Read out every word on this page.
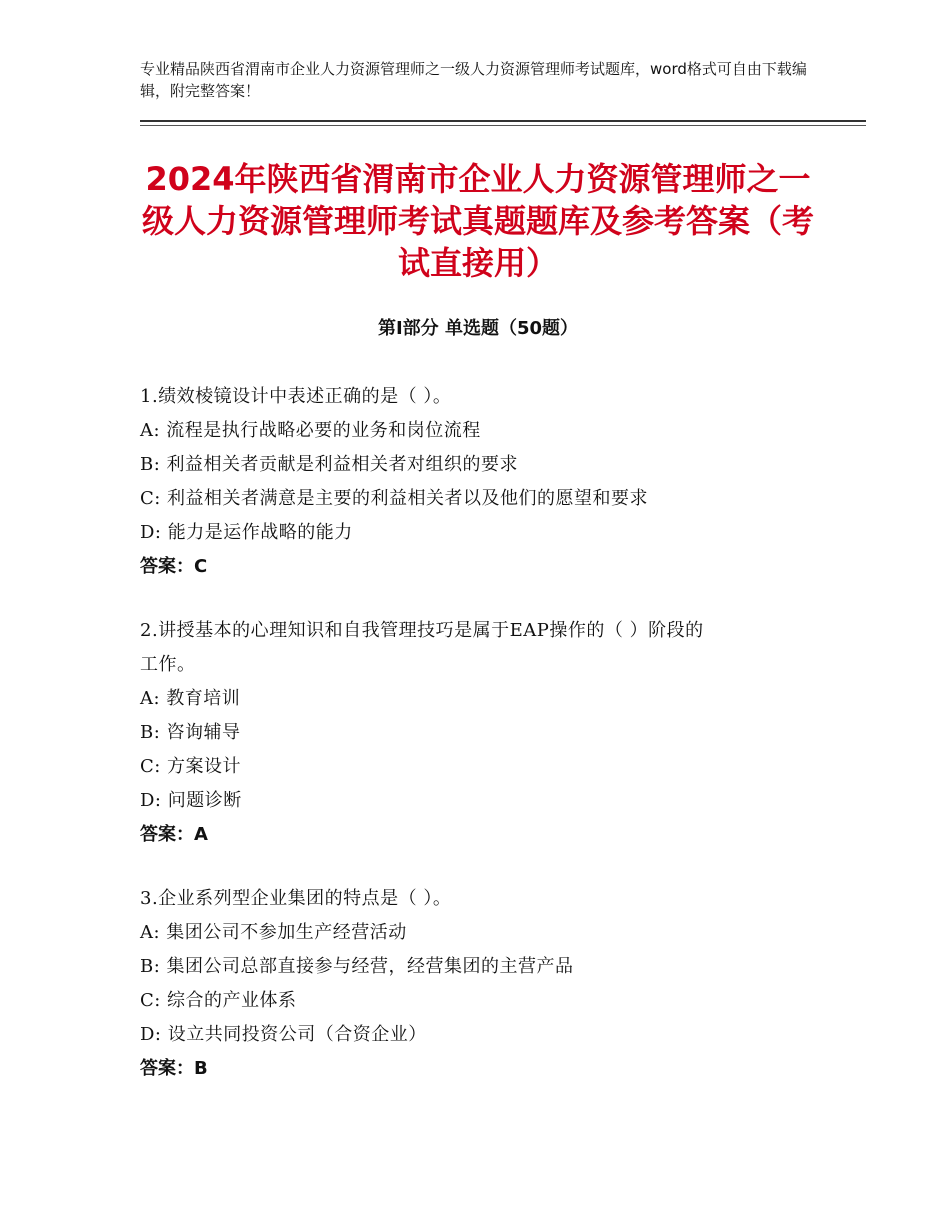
专业精品陕西省渭南市企业人力资源管理师之一级人力资源管理师考试题库，word格式可自由下载编辑，附完整答案！
2024年陕西省渭南市企业人力资源管理师之一级人力资源管理师考试真题题库及参考答案（考试直接用）
第Ⅰ部分 单选题（50题）
1.绩效棱镜设计中表述正确的是（ ）。
A: 流程是执行战略必要的业务和岗位流程
B: 利益相关者贡献是利益相关者对组织的要求
C: 利益相关者满意是主要的利益相关者以及他们的愿望和要求
D: 能力是运作战略的能力
答案：C
2.讲授基本的心理知识和自我管理技巧是属于EAP操作的（ ）阶段的
工作。
A: 教育培训
B: 咨询辅导
C: 方案设计
D: 问题诊断
答案：A
3.企业系列型企业集团的特点是（ ）。
A: 集团公司不参加生产经营活动
B: 集团公司总部直接参与经营，经营集团的主营产品
C: 综合的产业体系
D: 设立共同投资公司（合资企业）
答案：B
